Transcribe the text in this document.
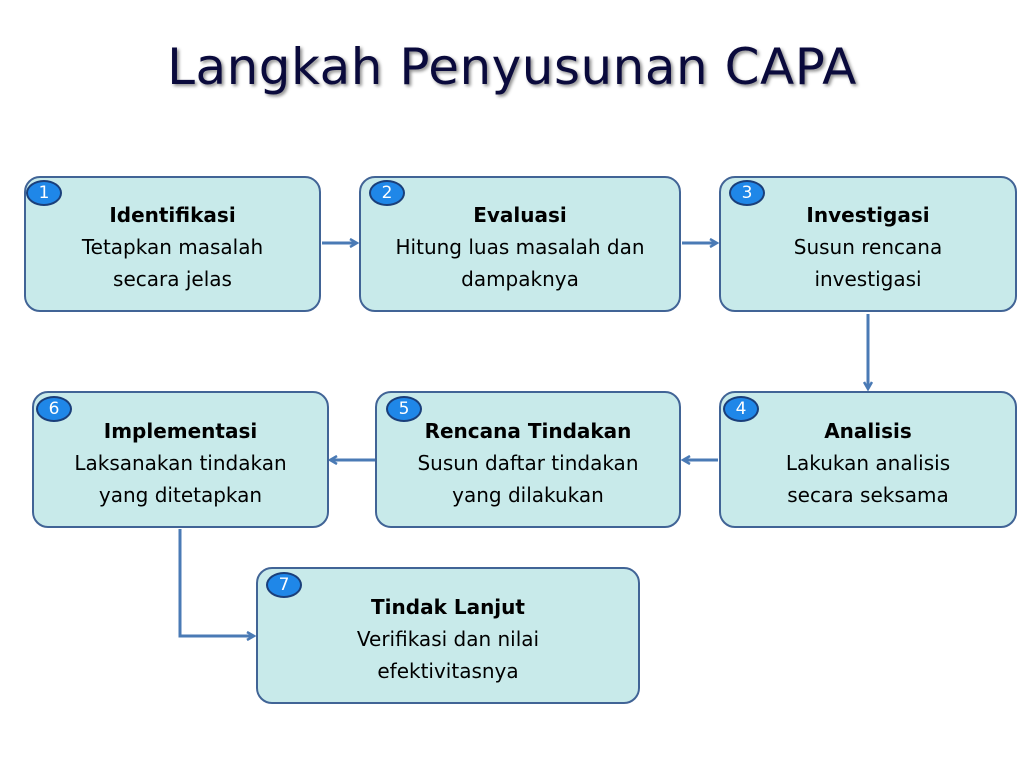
Langkah Penyusunan CAPA
Identifikasi
Tetapkan masalah
secara jelas
1
Evaluasi
Hitung luas masalah dan
dampaknya
2
Investigasi
Susun rencana
investigasi
3
Analisis
Lakukan analisis
secara seksama
4
Rencana Tindakan
Susun daftar tindakan
yang dilakukan
5
Implementasi
Laksanakan tindakan
yang ditetapkan
6
Tindak Lanjut
Verifikasi dan nilai
efektivitasnya
7
